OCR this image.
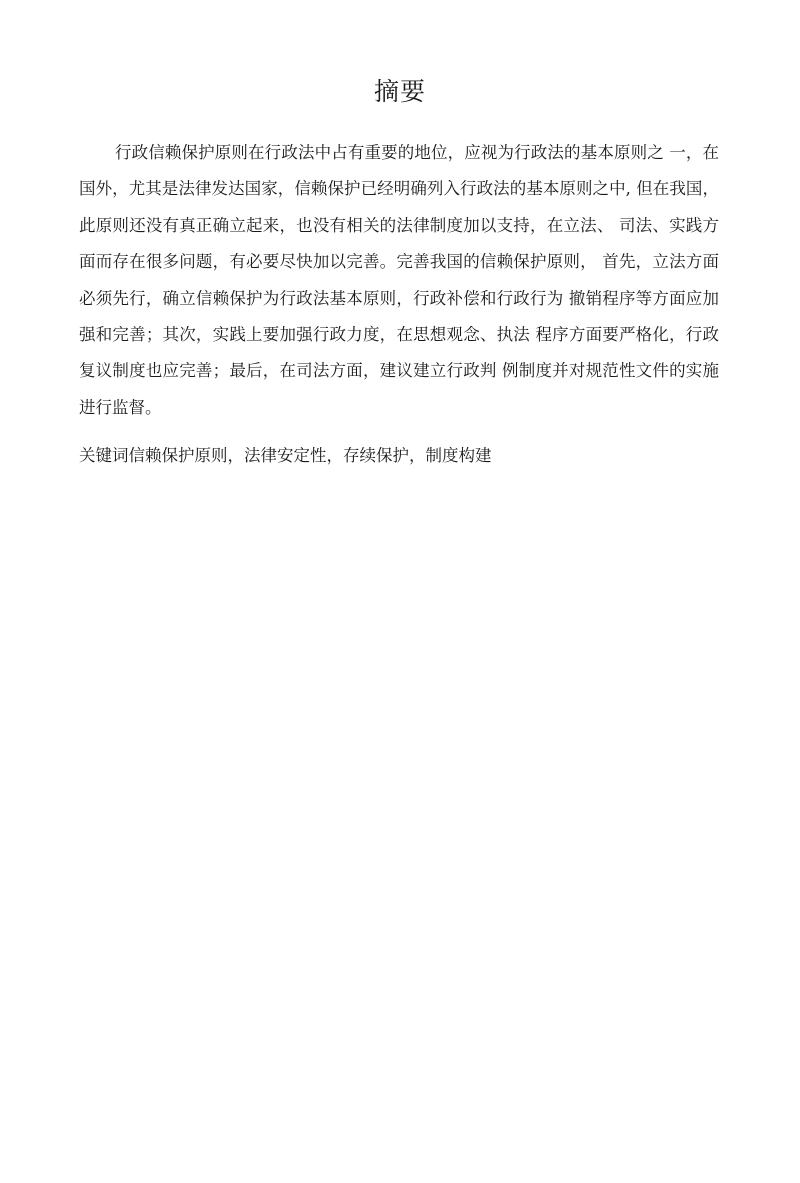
摘要

行政信赖保护原则在行政法中占有重要的地位，应视为行政法的基本原则之 一，在国外，尤其是法律发达国家，信赖保护已经明确列入行政法的基本原则之中, 但在我国，此原则还没有真正确立起来，也没有相关的法律制度加以支持，在立法、 司法、实践方面而存在很多问题，有必要尽快加以完善。完善我国的信赖保护原则， 首先，立法方面必须先行，确立信赖保护为行政法基本原则，行政补偿和行政行为 撤销程序等方面应加强和完善；其次，实践上要加强行政力度，在思想观念、执法 程序方面要严格化，行政复议制度也应完善；最后，在司法方面，建议建立行政判 例制度并对规范性文件的实施进行监督。

关键词信赖保护原则，法律安定性，存续保护，制度构建
